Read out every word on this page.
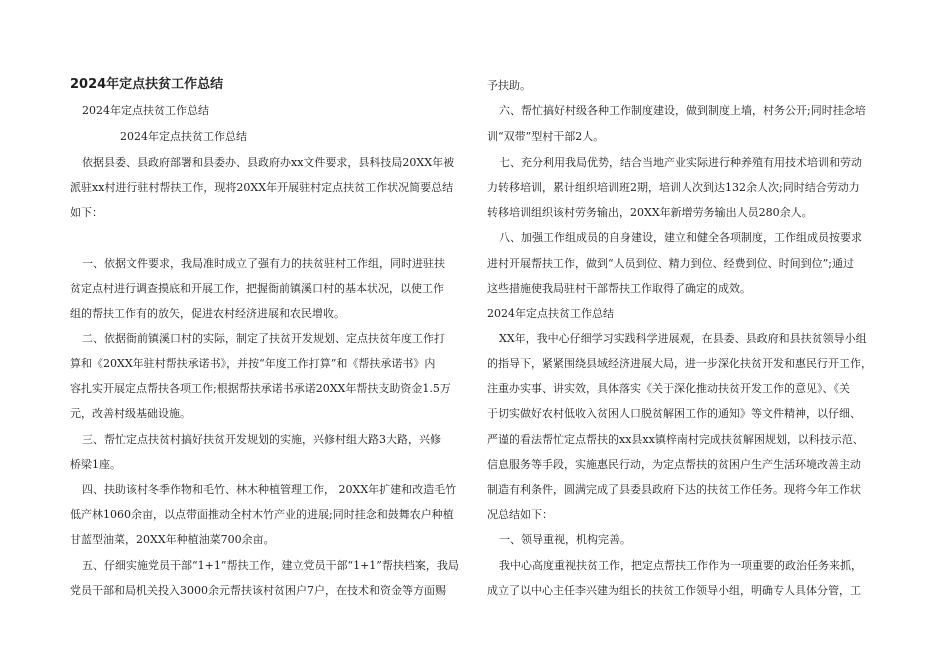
2024年定点扶贫工作总结
2024年定点扶贫工作总结
2024年定点扶贫工作总结
依据县委、县政府部署和县委办、县政府办xx文件要求，县科技局20XX年被
派驻xx村进行驻村帮扶工作，现将20XX年开展驻村定点扶贫工作状况简要总结
如下：
一、依据文件要求，我局准时成立了强有力的扶贫驻村工作组，同时进驻扶
贫定点村进行调查摸底和开展工作，把握衙前镇溪口村的基本状况，以使工作
组的帮扶工作有的放矢，促进农村经济进展和农民增收。
二、依据衙前镇溪口村的实际，制定了扶贫开发规划、定点扶贫年度工作打
算和《20XX年驻村帮扶承诺书》，并按“年度工作打算”和《帮扶承诺书》内
容扎实开展定点帮扶各项工作;根据帮扶承诺书承诺20XX年帮扶支助资金1.5万
元，改善村级基础设施。
三、帮忙定点扶贫村搞好扶贫开发规划的实施，兴修村组大路3大路，兴修
桥梁1座。
四、扶助该村冬季作物和毛竹、林木种植管理工作， 20XX年扩建和改造毛竹
低产林1060余亩，以点带面推动全村木竹产业的进展;同时挂念和鼓舞农户种植
甘蓝型油菜，20XX年种植油菜700余亩。
五、仔细实施党员干部“1+1”帮扶工作，建立党员干部“1+1”帮扶档案，我局
党员干部和局机关投入3000余元帮扶该村贫困户7户，在技术和资金等方面赐
予扶助。
六、帮忙搞好村级各种工作制度建设，做到制度上墙，村务公开;同时挂念培
训“双带”型村干部2人。
七、充分利用我局优势，结合当地产业实际进行种养殖有用技术培训和劳动
力转移培训，累计组织培训班2期，培训人次到达132余人次;同时结合劳动力
转移培训组织该村劳务输出，20XX年新增劳务输出人员280余人。
八、加强工作组成员的自身建设，建立和健全各项制度，工作组成员按要求
进村开展帮扶工作，做到“人员到位、精力到位、经费到位、时间到位”;通过
这些措施使我局驻村干部帮扶工作取得了确定的成效。
2024年定点扶贫工作总结
XX年，我中心仔细学习实践科学进展观，在县委、县政府和县扶贫领导小组
的指导下，紧紧围绕县域经济进展大局，进一步深化扶贫开发和惠民行开工作，
注重办实事、讲实效，具体落实《关于深化推动扶贫开发工作的意见》、《关
于切实做好农村低收入贫困人口脱贫解困工作的通知》等文件精神，以仔细、
严谨的看法帮忙定点帮扶的xx县xx镇梓南村完成扶贫解困规划，以科技示范、
信息服务等手段，实施惠民行动，为定点帮扶的贫困户生产生活环境改善主动
制造有利条件，圆满完成了县委县政府下达的扶贫工作任务。现将今年工作状
况总结如下：
一、领导重视，机构完善。
我中心高度重视扶贫工作，把定点帮扶工作作为一项重要的政治任务来抓，
成立了以中心主任李兴建为组长的扶贫工作领导小组，明确专人具体分管，工
